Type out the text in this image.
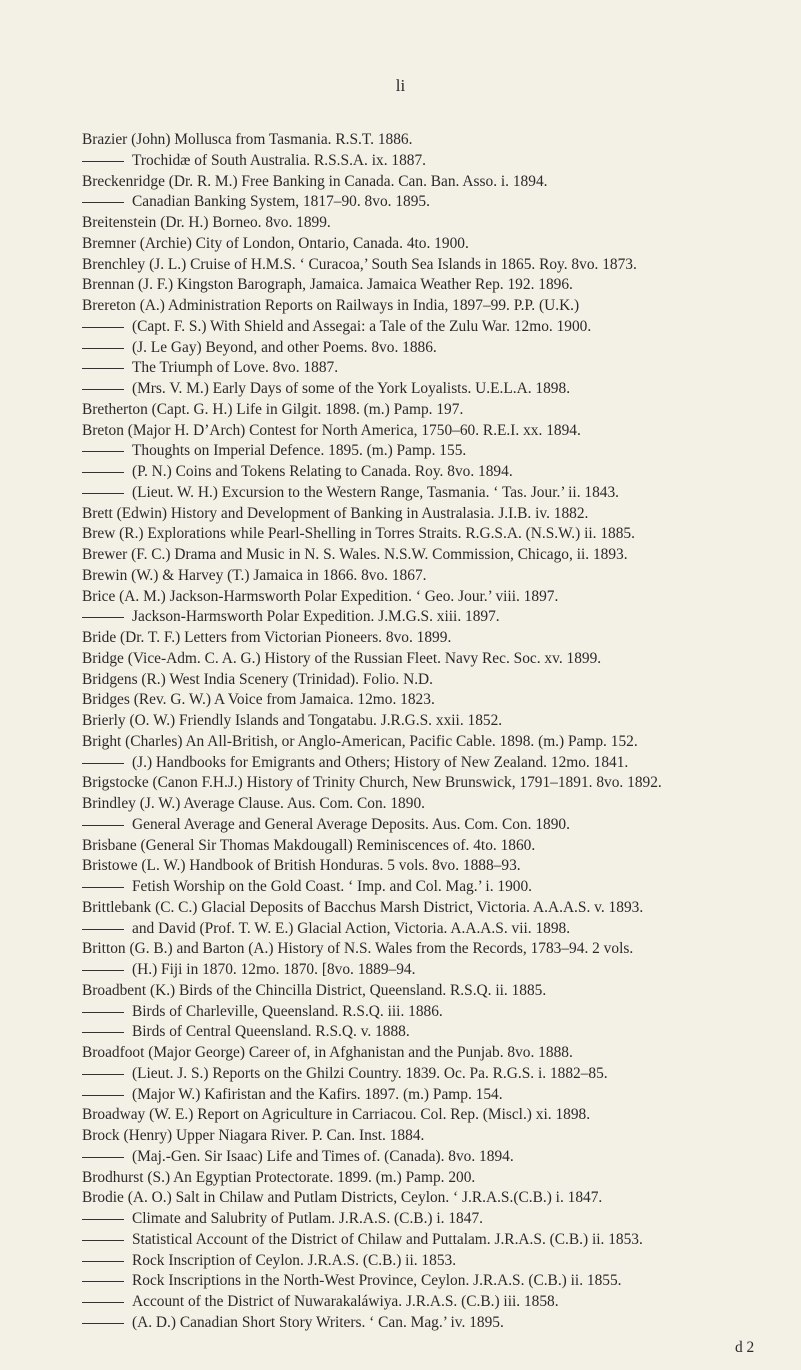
li
Brazier (John) Mollusca from Tasmania. R.S.T. 1886.
Trochidæ of South Australia. R.S.S.A. ix. 1887.
Breckenridge (Dr. R. M.) Free Banking in Canada. Can. Ban. Asso. i. 1894.
Canadian Banking System, 1817–90. 8vo. 1895.
Breitenstein (Dr. H.) Borneo. 8vo. 1899.
Bremner (Archie) City of London, Ontario, Canada. 4to. 1900.
Brenchley (J. L.) Cruise of H.M.S. ‘ Curacoa,’ South Sea Islands in 1865. Roy. 8vo. 1873.
Brennan (J. F.) Kingston Barograph, Jamaica. Jamaica Weather Rep. 192. 1896.
Brereton (A.) Administration Reports on Railways in India, 1897–99. P.P. (U.K.)
(Capt. F. S.) With Shield and Assegai: a Tale of the Zulu War. 12mo. 1900.
(J. Le Gay) Beyond, and other Poems. 8vo. 1886.
The Triumph of Love. 8vo. 1887.
(Mrs. V. M.) Early Days of some of the York Loyalists. U.E.L.A. 1898.
Bretherton (Capt. G. H.) Life in Gilgit. 1898. (m.) Pamp. 197.
Breton (Major H. D’Arch) Contest for North America, 1750–60. R.E.I. xx. 1894.
Thoughts on Imperial Defence. 1895. (m.) Pamp. 155.
(P. N.) Coins and Tokens Relating to Canada. Roy. 8vo. 1894.
(Lieut. W. H.) Excursion to the Western Range, Tasmania. ‘ Tas. Jour.’ ii. 1843.
Brett (Edwin) History and Development of Banking in Australasia. J.I.B. iv. 1882.
Brew (R.) Explorations while Pearl-Shelling in Torres Straits. R.G.S.A. (N.S.W.) ii. 1885.
Brewer (F. C.) Drama and Music in N. S. Wales. N.S.W. Commission, Chicago, ii. 1893.
Brewin (W.) & Harvey (T.) Jamaica in 1866. 8vo. 1867.
Brice (A. M.) Jackson-Harmsworth Polar Expedition. ‘ Geo. Jour.’ viii. 1897.
Jackson-Harmsworth Polar Expedition. J.M.G.S. xiii. 1897.
Bride (Dr. T. F.) Letters from Victorian Pioneers. 8vo. 1899.
Bridge (Vice-Adm. C. A. G.) History of the Russian Fleet. Navy Rec. Soc. xv. 1899.
Bridgens (R.) West India Scenery (Trinidad). Folio. N.D.
Bridges (Rev. G. W.) A Voice from Jamaica. 12mo. 1823.
Brierly (O. W.) Friendly Islands and Tongatabu. J.R.G.S. xxii. 1852.
Bright (Charles) An All-British, or Anglo-American, Pacific Cable. 1898. (m.) Pamp. 152.
(J.) Handbooks for Emigrants and Others; History of New Zealand. 12mo. 1841.
Brigstocke (Canon F.H.J.) History of Trinity Church, New Brunswick, 1791–1891. 8vo. 1892.
Brindley (J. W.) Average Clause. Aus. Com. Con. 1890.
General Average and General Average Deposits. Aus. Com. Con. 1890.
Brisbane (General Sir Thomas Makdougall) Reminiscences of. 4to. 1860.
Bristowe (L. W.) Handbook of British Honduras. 5 vols. 8vo. 1888–93.
Fetish Worship on the Gold Coast. ‘ Imp. and Col. Mag.’ i. 1900.
Brittlebank (C. C.) Glacial Deposits of Bacchus Marsh District, Victoria. A.A.A.S. v. 1893.
and David (Prof. T. W. E.) Glacial Action, Victoria. A.A.A.S. vii. 1898.
Britton (G. B.) and Barton (A.) History of N.S. Wales from the Records, 1783–94. 2 vols.
(H.) Fiji in 1870. 12mo. 1870. [8vo. 1889–94.
Broadbent (K.) Birds of the Chincilla District, Queensland. R.S.Q. ii. 1885.
Birds of Charleville, Queensland. R.S.Q. iii. 1886.
Birds of Central Queensland. R.S.Q. v. 1888.
Broadfoot (Major George) Career of, in Afghanistan and the Punjab. 8vo. 1888.
(Lieut. J. S.) Reports on the Ghilzi Country. 1839. Oc. Pa. R.G.S. i. 1882–85.
(Major W.) Kafiristan and the Kafirs. 1897. (m.) Pamp. 154.
Broadway (W. E.) Report on Agriculture in Carriacou. Col. Rep. (Miscl.) xi. 1898.
Brock (Henry) Upper Niagara River. P. Can. Inst. 1884.
(Maj.-Gen. Sir Isaac) Life and Times of. (Canada). 8vo. 1894.
Brodhurst (S.) An Egyptian Protectorate. 1899. (m.) Pamp. 200.
Brodie (A. O.) Salt in Chilaw and Putlam Districts, Ceylon. ‘ J.R.A.S.(C.B.) i. 1847.
Climate and Salubrity of Putlam. J.R.A.S. (C.B.) i. 1847.
Statistical Account of the District of Chilaw and Puttalam. J.R.A.S. (C.B.) ii. 1853.
Rock Inscription of Ceylon. J.R.A.S. (C.B.) ii. 1853.
Rock Inscriptions in the North-West Province, Ceylon. J.R.A.S. (C.B.) ii. 1855.
Account of the District of Nuwarakaláwiya. J.R.A.S. (C.B.) iii. 1858.
(A. D.) Canadian Short Story Writers. ‘ Can. Mag.’ iv. 1895.
d 2
